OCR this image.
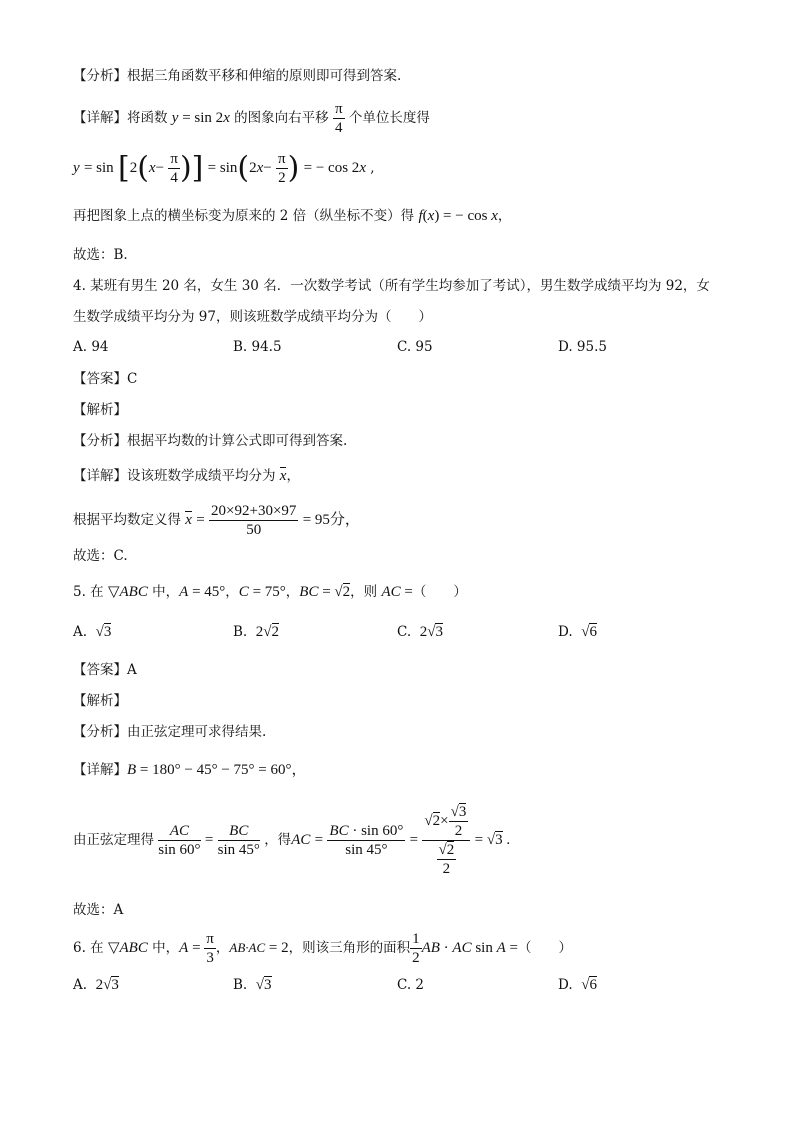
【分析】根据三角函数平移和伸缩的原则即可得到答案.
【详解】将函数 y = sin 2x 的图象向右平移 $\frac{\pi}{4}$ 个单位长度得
$y = \sin [2(x- \frac{\pi}{4}$ )] = $\sin(2x- \frac{\pi}{2}$ ) = − cos 2x ,
再把图象上点的横坐标变为原来的 2 倍（纵坐标不变）得 f(x) = − cos x，
故选：B.
4. 某班有男生 20 名，女生 30 名．一次数学考试（所有学生均参加了考试），男生数学成绩平均为 92，女
生数学成绩平均分为 97，则该班数学成绩平均分为（　　）
A. 94	B. 94.5	C. 95	D. 95.5
【答案】C
【解析】
【分析】根据平均数的计算公式即可得到答案.
【详解】设该班数学成绩平均分为 x，
根据平均数定义得 $x = \frac{20\times 92+30\times 97}{50} = 95$分，
故选：C.
5. 在 ▽ABC 中，A = 45°，C = 75°，BC = √2，则 AC =（　　）
A.  √3	B.  2√2	C.  2√3	D.  √6
【答案】A
【解析】
【分析】由正弦定理可求得结果.
【详解】B = 180° − 45° − 75° = 60°，
由正弦定理得 $\frac{AC}{\sin 60^\circ} = \frac{BC}{\sin 45^\circ}$ ，得AC = $\frac{BC \cdot \sin 60^\circ}{\sin 45^\circ} = \frac{√2\times \frac{√3}{2}}{\frac{√2}{2}} = √3$ .
故选：A
6. 在 ▽ABC 中，$A = \frac{\pi}{3}$ ，AB·AC = 2，则该三角形的面积 $\frac{1}{2}$ AB · AC sin A =（　　）
A.  2√3	B.  √3	C. 2	D.  √6
